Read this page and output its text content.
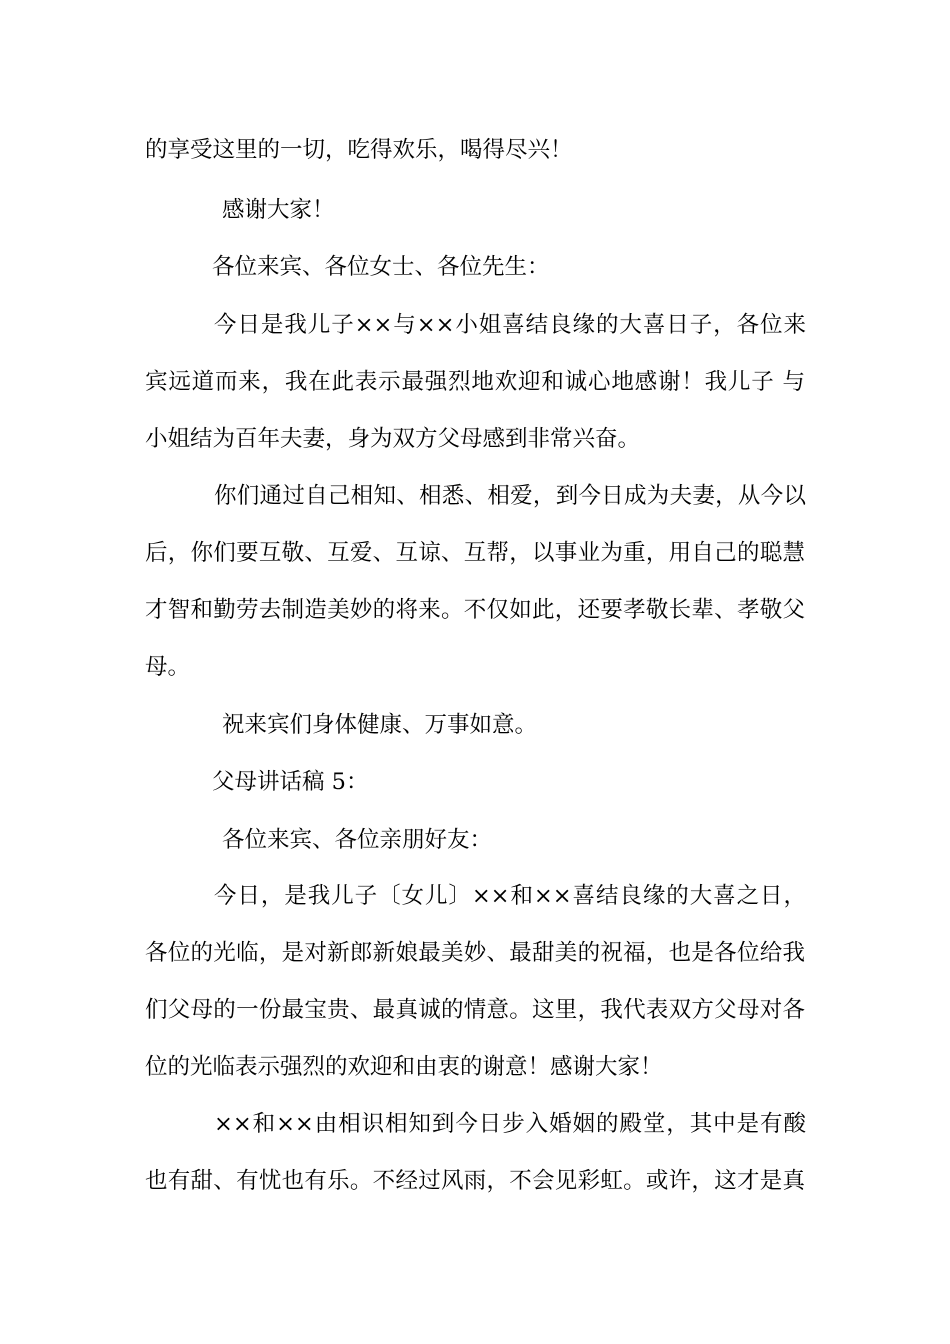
的享受这里的一切，吃得欢乐，喝得尽兴！
感谢大家！
各位来宾、各位女士、各位先生：
今日是我儿子××与××小姐喜结良缘的大喜日子，各位来
宾远道而来，我在此表示最强烈地欢迎和诚心地感谢！我儿子 与
小姐结为百年夫妻，身为双方父母感到非常兴奋。
你们通过自己相知、相悉、相爱，到今日成为夫妻，从今以
后，你们要互敬、互爱、互谅、互帮，以事业为重，用自己的聪慧
才智和勤劳去制造美妙的将来。不仅如此，还要孝敬长辈、孝敬父
母。
祝来宾们身体健康、万事如意。
父母讲话稿 5：
各位来宾、各位亲朋好友：
今日，是我儿子〔女儿〕××和××喜结良缘的大喜之日，
各位的光临，是对新郎新娘最美妙、最甜美的祝福，也是各位给我
们父母的一份最宝贵、最真诚的情意。这里，我代表双方父母对各
位的光临表示强烈的欢迎和由衷的谢意！感谢大家！
××和××由相识相知到今日步入婚姻的殿堂，其中是有酸
也有甜、有忧也有乐。不经过风雨，不会见彩虹。或许，这才是真
